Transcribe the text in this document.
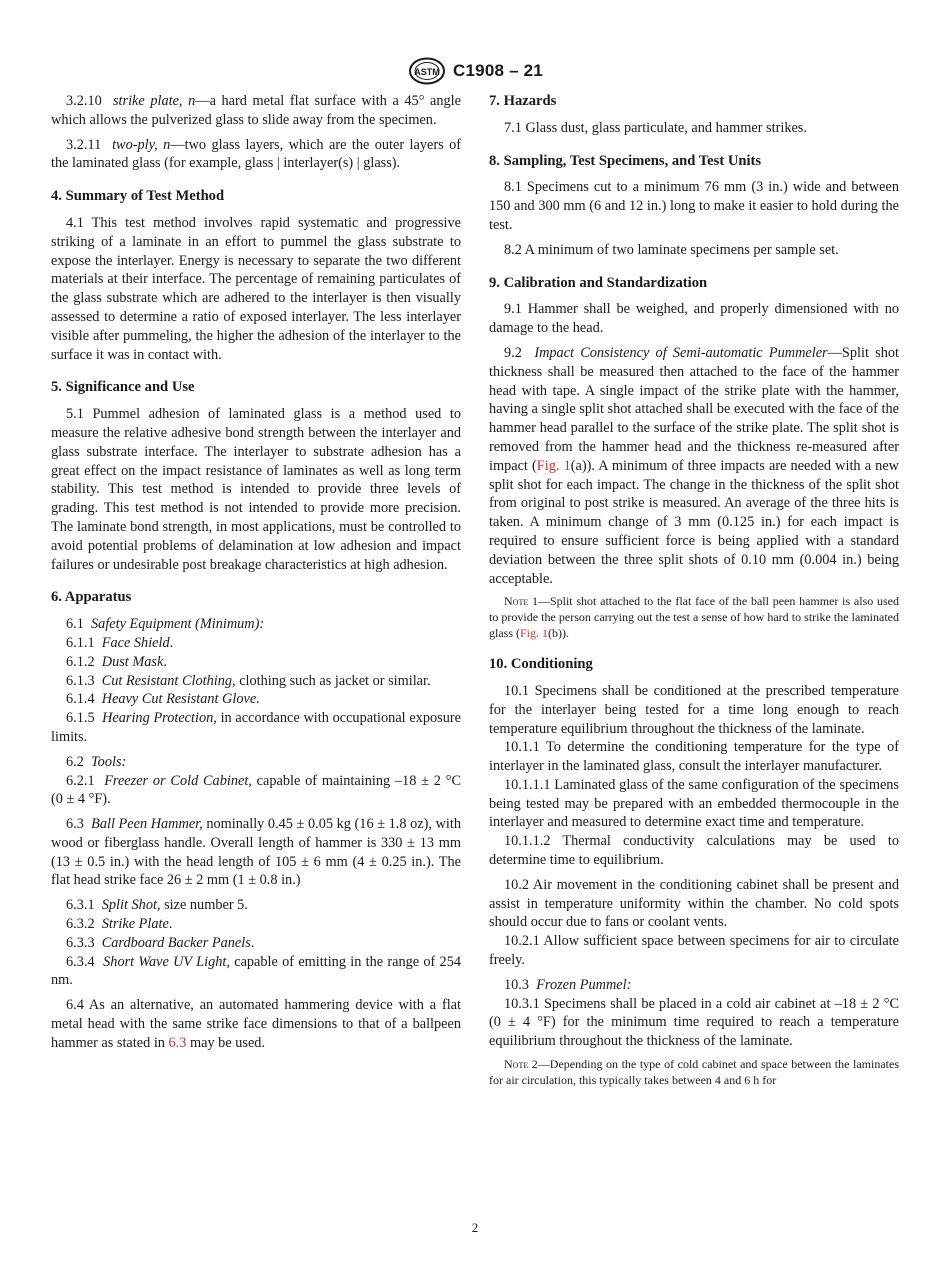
ASTM C1908 – 21

3.2.10 strike plate, n—a hard metal flat surface with a 45° angle which allows the pulverized glass to slide away from the specimen.

3.2.11 two-ply, n—two glass layers, which are the outer layers of the laminated glass (for example, glass | interlayer(s) | glass).

4. Summary of Test Method

4.1 This test method involves rapid systematic and progressive striking of a laminate in an effort to pummel the glass substrate to expose the interlayer. Energy is necessary to separate the two different materials at their interface. The percentage of remaining particulates of the glass substrate which are adhered to the interlayer is then visually assessed to determine a ratio of exposed interlayer. The less interlayer visible after pummeling, the higher the adhesion of the interlayer to the surface it was in contact with.

5. Significance and Use

5.1 Pummel adhesion of laminated glass is a method used to measure the relative adhesive bond strength between the interlayer and glass substrate interface. The interlayer to substrate adhesion has a great effect on the impact resistance of laminates as well as long term stability. This test method is intended to provide three levels of grading. This test method is not intended to provide more precision. The laminate bond strength, in most applications, must be controlled to avoid potential problems of delamination at low adhesion and impact failures or undesirable post breakage characteristics at high adhesion.

6. Apparatus

6.1 Safety Equipment (Minimum):

6.1.1 Face Shield.

6.1.2 Dust Mask.

6.1.3 Cut Resistant Clothing, clothing such as jacket or similar.

6.1.4 Heavy Cut Resistant Glove.

6.1.5 Hearing Protection, in accordance with occupational exposure limits.

6.2 Tools:

6.2.1 Freezer or Cold Cabinet, capable of maintaining –18 ± 2 °C (0 ± 4 °F).

6.3 Ball Peen Hammer, nominally 0.45 ± 0.05 kg (16 ± 1.8 oz), with wood or fiberglass handle. Overall length of hammer is 330 ± 13 mm (13 ± 0.5 in.) with the head length of 105 ± 6 mm (4 ± 0.25 in.). The flat head strike face 26 ± 2 mm (1 ± 0.8 in.)

6.3.1 Split Shot, size number 5.

6.3.2 Strike Plate.

6.3.3 Cardboard Backer Panels.

6.3.4 Short Wave UV Light, capable of emitting in the range of 254 nm.

6.4 As an alternative, an automated hammering device with a flat metal head with the same strike face dimensions to that of a ballpeen hammer as stated in 6.3 may be used.

7. Hazards

7.1 Glass dust, glass particulate, and hammer strikes.

8. Sampling, Test Specimens, and Test Units

8.1 Specimens cut to a minimum 76 mm (3 in.) wide and between 150 and 300 mm (6 and 12 in.) long to make it easier to hold during the test.

8.2 A minimum of two laminate specimens per sample set.

9. Calibration and Standardization

9.1 Hammer shall be weighed, and properly dimensioned with no damage to the head.

9.2 Impact Consistency of Semi-automatic Pummeler—Split shot thickness shall be measured then attached to the face of the hammer head with tape. A single impact of the strike plate with the hammer, having a single split shot attached shall be executed with the face of the hammer head parallel to the surface of the strike plate. The split shot is removed from the hammer head and the thickness re-measured after impact (Fig. 1(a)). A minimum of three impacts are needed with a new split shot for each impact. The change in the thickness of the split shot from original to post strike is measured. An average of the three hits is taken. A minimum change of 3 mm (0.125 in.) for each impact is required to ensure sufficient force is being applied with a standard deviation between the three split shots of 0.10 mm (0.004 in.) being acceptable.

Note 1—Split shot attached to the flat face of the ball peen hammer is also used to provide the person carrying out the test a sense of how hard to strike the laminated glass (Fig. 1(b)).
10. Conditioning

10.1 Specimens shall be conditioned at the prescribed temperature for the interlayer being tested for a time long enough to reach temperature equilibrium throughout the thickness of the laminate.

10.1.1 To determine the conditioning temperature for the type of interlayer in the laminated glass, consult the interlayer manufacturer.

10.1.1.1 Laminated glass of the same configuration of the specimens being tested may be prepared with an embedded thermocouple in the interlayer and measured to determine exact time and temperature.

10.1.1.2 Thermal conductivity calculations may be used to determine time to equilibrium.

10.2 Air movement in the conditioning cabinet shall be present and assist in temperature uniformity within the chamber. No cold spots should occur due to fans or coolant vents.

10.2.1 Allow sufficient space between specimens for air to circulate freely.

10.3 Frozen Pummel:

10.3.1 Specimens shall be placed in a cold air cabinet at –18 ± 2 °C (0 ± 4 °F) for the minimum time required to reach a temperature equilibrium throughout the thickness of the laminate.

Note 2—Depending on the type of cold cabinet and space between the laminates for air circulation, this typically takes between 4 and 6 h for
2
